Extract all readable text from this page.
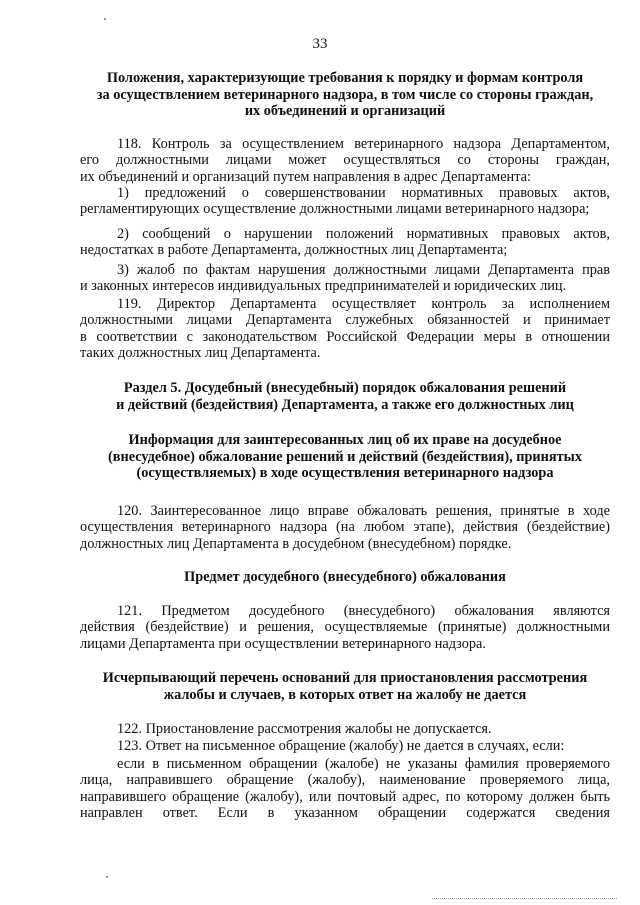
33
Положения, характеризующие требования к порядку и формам контроля
за осуществлением ветеринарного надзора, в том числе со стороны граждан,
их объединений и организаций
118. Контроль за осуществлением ветеринарного надзора Департаментом,
его должностными лицами может осуществляться со стороны граждан,
их объединений и организаций путем направления в адрес Департамента:
1) предложений о совершенствовании нормативных правовых актов,
регламентирующих осуществление должностными лицами ветеринарного надзора;
2) сообщений о нарушении положений нормативных правовых актов,
недостатках в работе Департамента, должностных лиц Департамента;
3) жалоб по фактам нарушения должностными лицами Департамента прав
и законных интересов индивидуальных предпринимателей и юридических лиц.
119. Директор Департамента осуществляет контроль за исполнением
должностными лицами Департамента служебных обязанностей и принимает
в соответствии с законодательством Российской Федерации меры в отношении
таких должностных лиц Департамента.
Раздел 5. Досудебный (внесудебный) порядок обжалования решений
и действий (бездействия) Департамента, а также его должностных лиц
Информация для заинтересованных лиц об их праве на досудебное
(внесудебное) обжалование решений и действий (бездействия), принятых
(осуществляемых) в ходе осуществления ветеринарного надзора
120. Заинтересованное лицо вправе обжаловать решения, принятые в ходе
осуществления ветеринарного надзора (на любом этапе), действия (бездействие)
должностных лиц Департамента в досудебном (внесудебном) порядке.
Предмет досудебного (внесудебного) обжалования
121. Предметом досудебного (внесудебного) обжалования являются
действия (бездействие) и решения, осуществляемые (принятые) должностными
лицами Департамента при осуществлении ветеринарного надзора.
Исчерпывающий перечень оснований для приостановления рассмотрения
жалобы и случаев, в которых ответ на жалобу не дается
122. Приостановление рассмотрения жалобы не допускается.
123. Ответ на письменное обращение (жалобу) не дается в случаях, если:
если в письменном обращении (жалобе) не указаны фамилия проверяемого
лица, направившего обращение (жалобу), наименование проверяемого лица,
направившего обращение (жалобу), или почтовый адрес, по которому должен быть
направлен ответ. Если в указанном обращении содержатся сведения
